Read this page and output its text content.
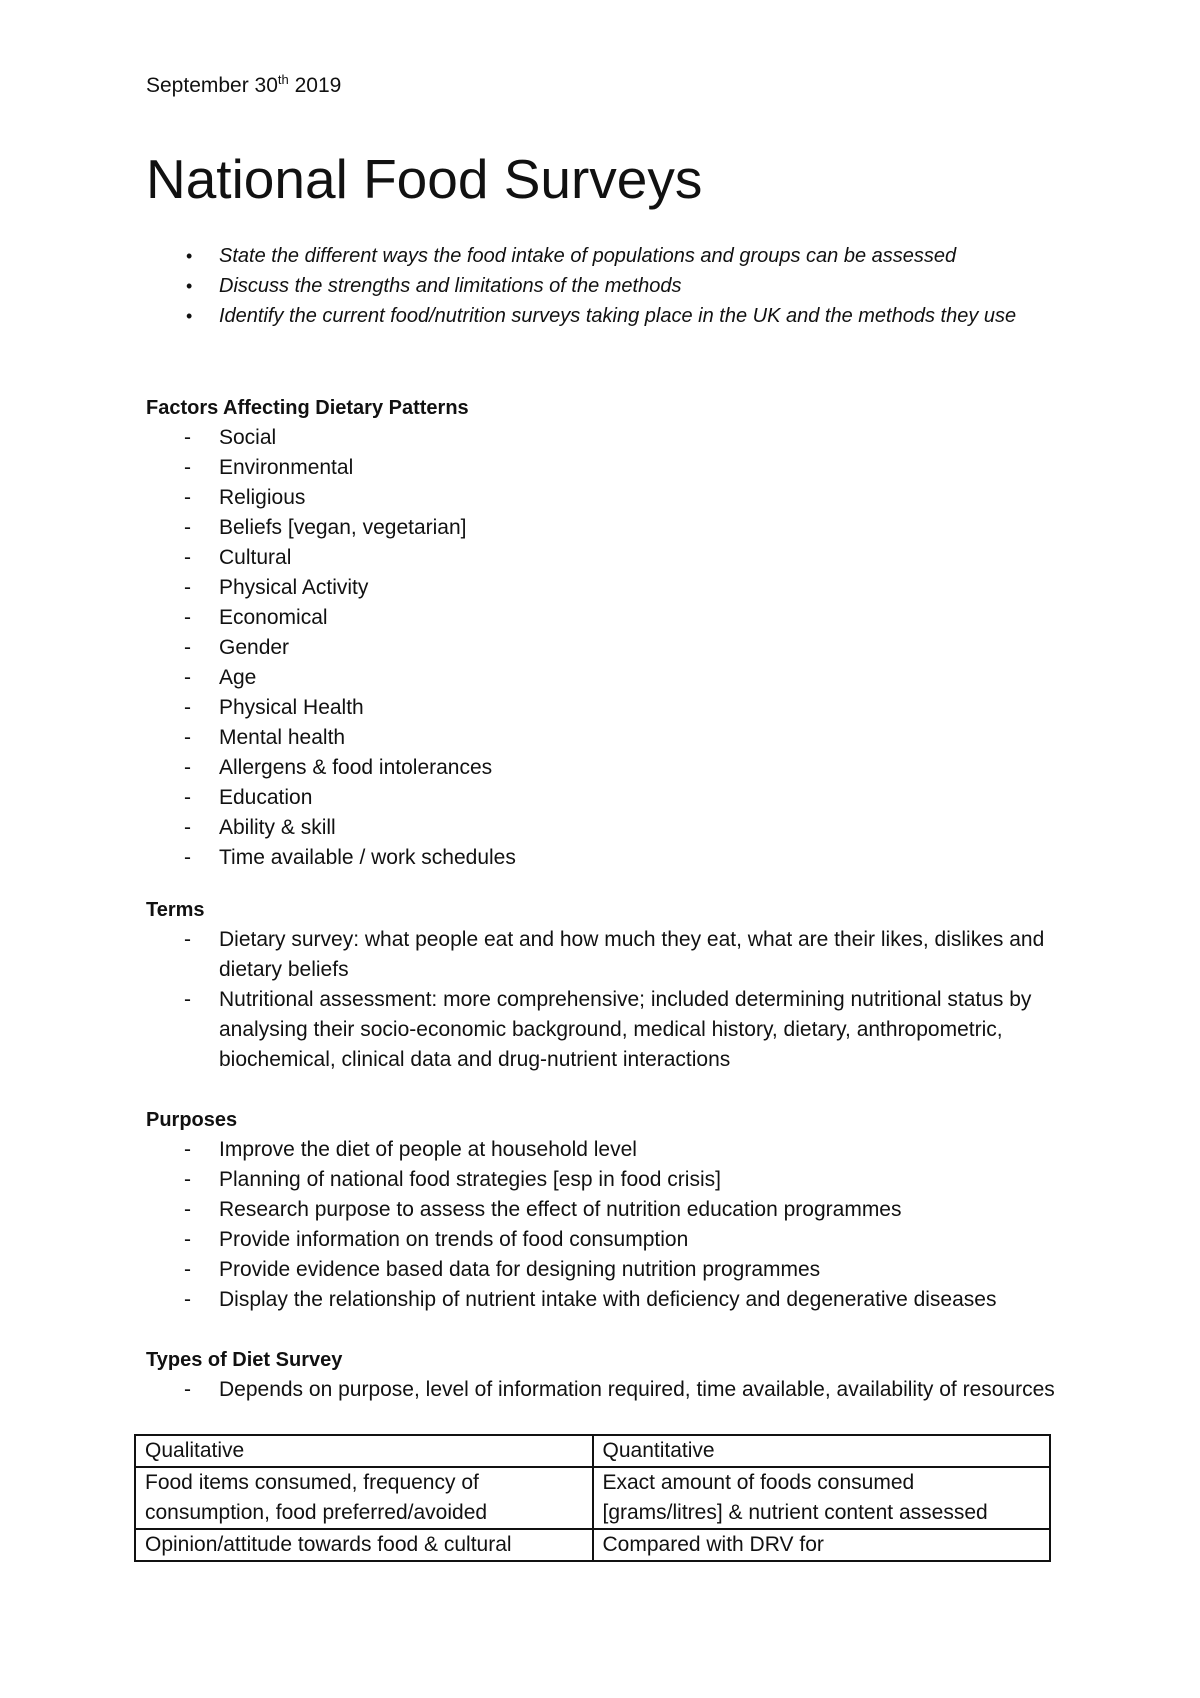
September 30th 2019
National Food Surveys
• State the different ways the food intake of populations and groups can be assessed
• Discuss the strengths and limitations of the methods
• Identify the current food/nutrition surveys taking place in the UK and the methods they use

Factors Affecting Dietary Patterns

- Social
- Environmental
- Religious
- Beliefs [vegan, vegetarian]
- Cultural
- Physical Activity
- Economical
- Gender
- Age
- Physical Health
- Mental health
- Allergens & food intolerances
- Education
- Ability & skill
- Time available / work schedules

Terms

- Dietary survey: what people eat and how much they eat, what are their likes, dislikes and dietary beliefs
- Nutritional assessment: more comprehensive; included determining nutritional status by analysing their socio-economic background, medical history, dietary, anthropometric, biochemical, clinical data and drug-nutrient interactions

Purposes

- Improve the diet of people at household level
- Planning of national food strategies [esp in food crisis]
- Research purpose to assess the effect of nutrition education programmes
- Provide information on trends of food consumption
- Provide evidence based data for designing nutrition programmes
- Display the relationship of nutrient intake with deficiency and degenerative diseases

Types of Diet Survey

- Depends on purpose, level of information required, time available, availability of resources
Qualitative	Quantitative
Food items consumed, frequency of consumption, food preferred/avoided	Exact amount of foods consumed [grams/litres] & nutrient content assessed
Opinion/attitude towards food & cultural	Compared with DRV for
